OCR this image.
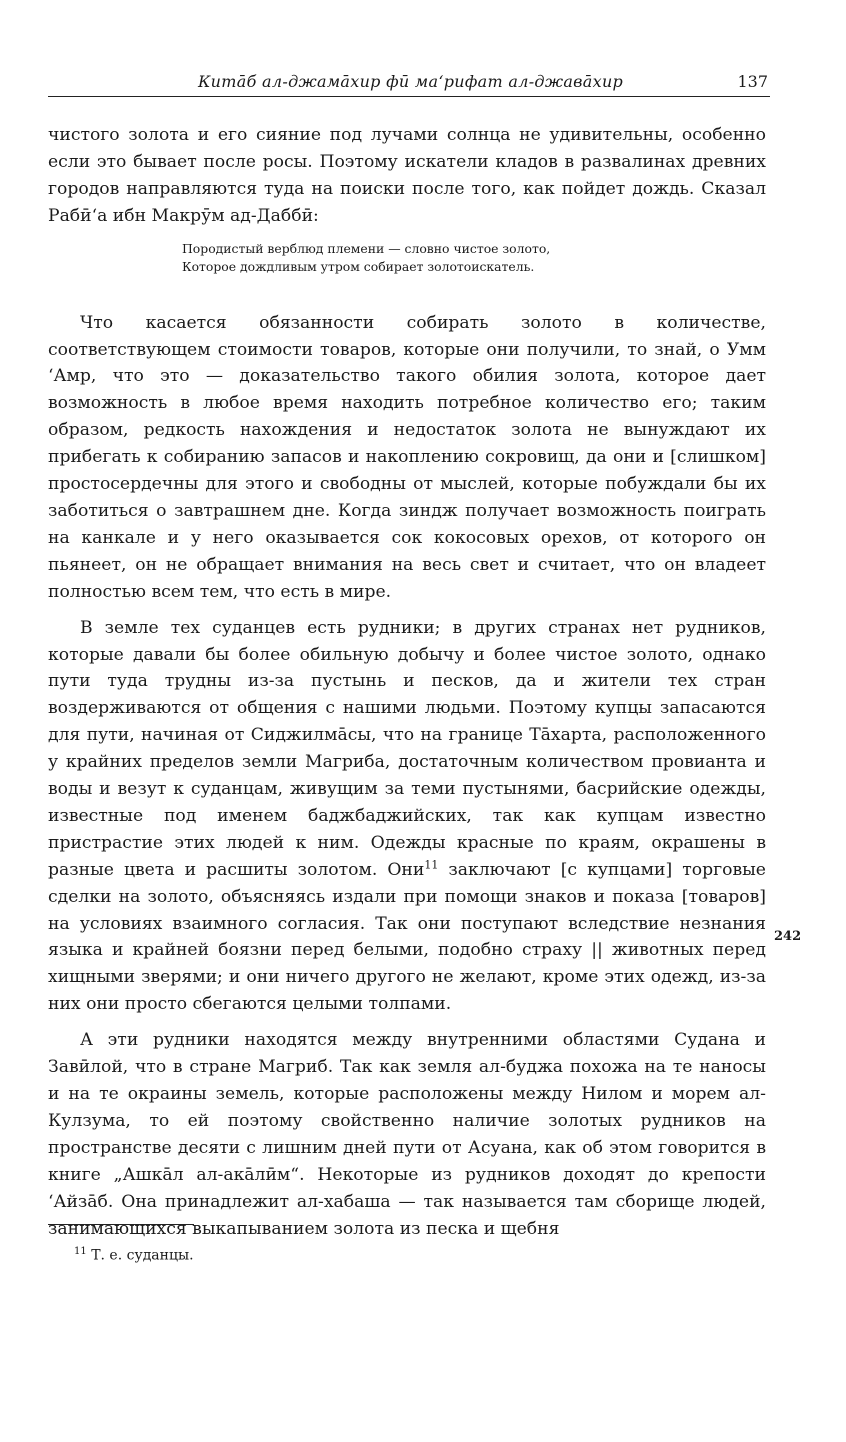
Китāб ал-джамāхир фū ма‘рифат ал-джавāхир	137

чистого золота и его сияние под лучами солнца не удивительны, особенно если это бывает после росы. Поэтому искатели кладов в развалинах древних городов направляются туда на поиски после того, как пойдет дождь. Сказал Рабӣ‘а ибн Макрӯм ад-Даббӣ:

Породистый верблюд племени — словно чистое золото,
Которое дождливым утром собирает золотоискатель.

Что касается обязанности собирать золото в количестве, соответствующем стоимости товаров, которые они получили, то знай, о Умм ‘Амр, что это — доказательство такого обилия золота, которое дает возможность в любое время находить потребное количество его; таким образом, редкость нахождения и недостаток золота не вынуждают их прибегать к собиранию запасов и накоплению сокровищ, да они и [слишком] простосердечны для этого и свободны от мыслей, которые побуждали бы их заботиться о завтрашнем дне. Когда зиндж получает возможность поиграть на канкале и у него оказывается сок кокосовых орехов, от которого он пьянеет, он не обращает внимания на весь свет и считает, что он владеет полностью всем тем, что есть в мире.

В земле тех суданцев есть рудники; в других странах нет рудников, которые давали бы более обильную добычу и более чистое золото, однако пути туда трудны из-за пустынь и песков, да и жители тех стран воздерживаются от общения с нашими людьми. Поэтому купцы запасаются для пути, начиная от Сиджилмāсы, что на границе Тāхарта, расположенного у крайних пределов земли Магриба, достаточным количеством провианта и воды и везут к суданцам, живущим за теми пустынями, басрийские одежды, известные под именем баджбаджийских, так как купцам известно пристрастие этих людей к ним. Одежды красные по краям, окрашены в разные цвета и расшиты золотом. Они$^{11}$ заключают [с купцами] торговые сделки на золото, объясняясь издали при помощи знаков и показа [товаров] на условиях взаимного согласия. Так они поступают вследствие незнания языка и крайней боязни перед белыми, подобно страху || животных перед хищными зверями; и они ничего другого не желают, кроме этих одежд, из-за них они просто сбегаются целыми толпами.

А эти рудники находятся между внутренними областями Судана и Завӣлой, что в стране Магриб. Так как земля ал-буджа похожа на те наносы и на те окраины земель, которые расположены между Нилом и морем ал-Кулзума, то ей поэтому свойственно наличие золотых рудников на пространстве десяти с лишним дней пути от Асуана, как об этом говорится в книге „Ашкāл ал-акāлӣм“. Некоторые из рудников доходят до крепости ‘Айзāб. Она принадлежит ал-хабаша — так называется там сборище людей, занимающихся выкапыванием золота из песка и щебня

242
$^{11}$ Т. е. суданцы.
